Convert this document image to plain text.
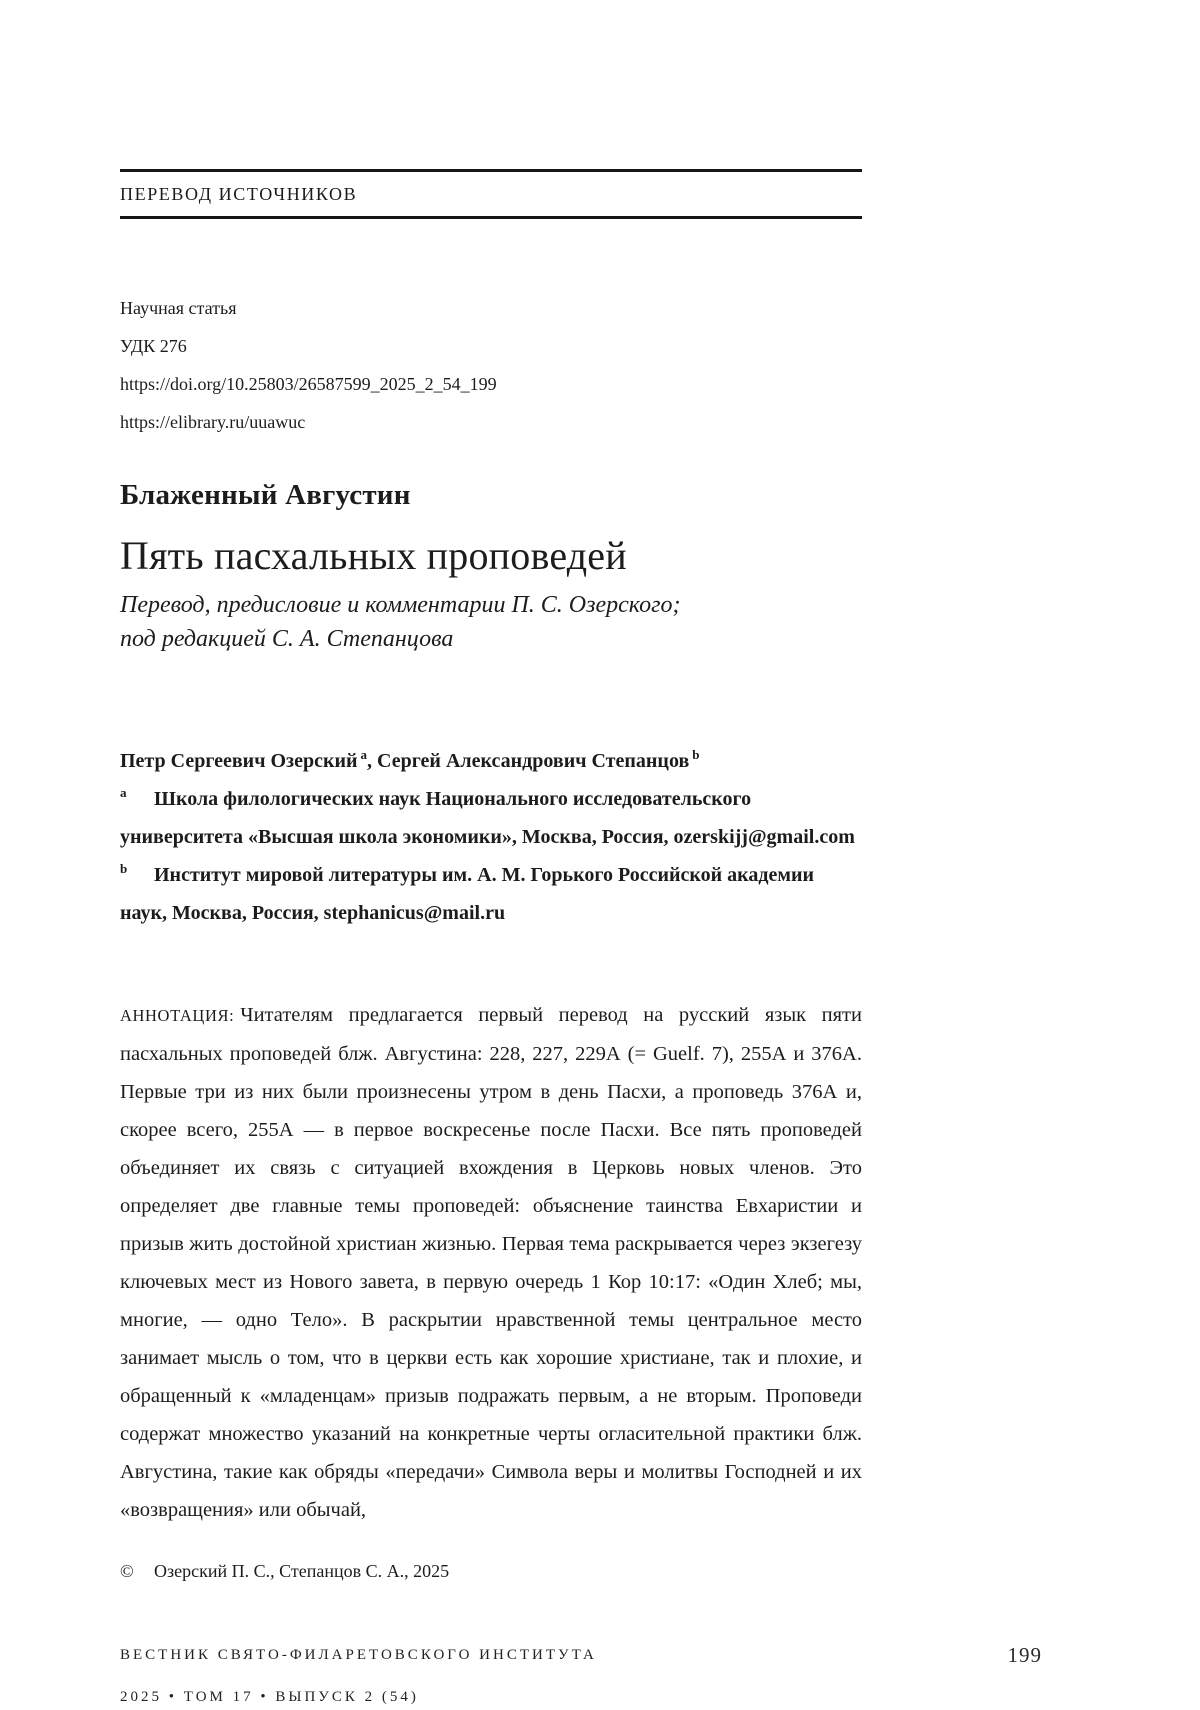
ПЕРЕВОД ИСТОЧНИКОВ
Научная статья
УДК 276
https://doi.org/10.25803/26587599_2025_2_54_199
https://elibrary.ru/uuawuc
Блаженный Августин
Пять пасхальных проповедей
Перевод, предисловие и комментарии П. С. Озерского;
под редакцией С. А. Степанцова

Петр Сергеевич Озерский $^a$, Сергей Александрович Степанцов $^b$

$^a$ Школа филологических наук Национального исследовательского университета «Высшая школа экономики», Москва, Россия, ozerskijj@gmail.com

$^b$ Институт мировой литературы им. А. М. Горького Российской академии наук, Москва, Россия, stephanicus@mail.ru

АННОТАЦИЯ: Читателям предлагается первый перевод на русский язык пяти пасхальных проповедей блж. Августина: 228, 227, 229А (= Guelf. 7), 255А и 376А. Первые три из них были произнесены утром в день Пасхи, а проповедь 376А и, скорее всего, 255А — в первое воскресенье после Пасхи. Все пять проповедей объединяет их связь с ситуацией вхождения в Церковь новых членов. Это определяет две главные темы проповедей: объяснение таинства Евхаристии и призыв жить достойной христиан жизнью. Первая тема раскрывается через экзегезу ключевых мест из Нового завета, в первую очередь 1 Кор 10:17: «Один Хлеб; мы, многие, — одно Тело». В раскрытии нравственной темы центральное место занимает мысль о том, что в церкви есть как хорошие христиане, так и плохие, и обращенный к «младенцам» призыв подражать первым, а не вторым. Проповеди содержат множество указаний на конкретные черты огласительной практики блж. Августина, такие как обряды «передачи» Символа веры и молитвы Господней и их «возвращения» или обычай,

© Озерский П. С., Степанцов С. А., 2025
ВЕСТНИК СВЯТО-ФИЛАРЕТОВСКОГО ИНСТИТУТА
2025 • ТОМ 17 • ВЫПУСК 2 (54)
199
